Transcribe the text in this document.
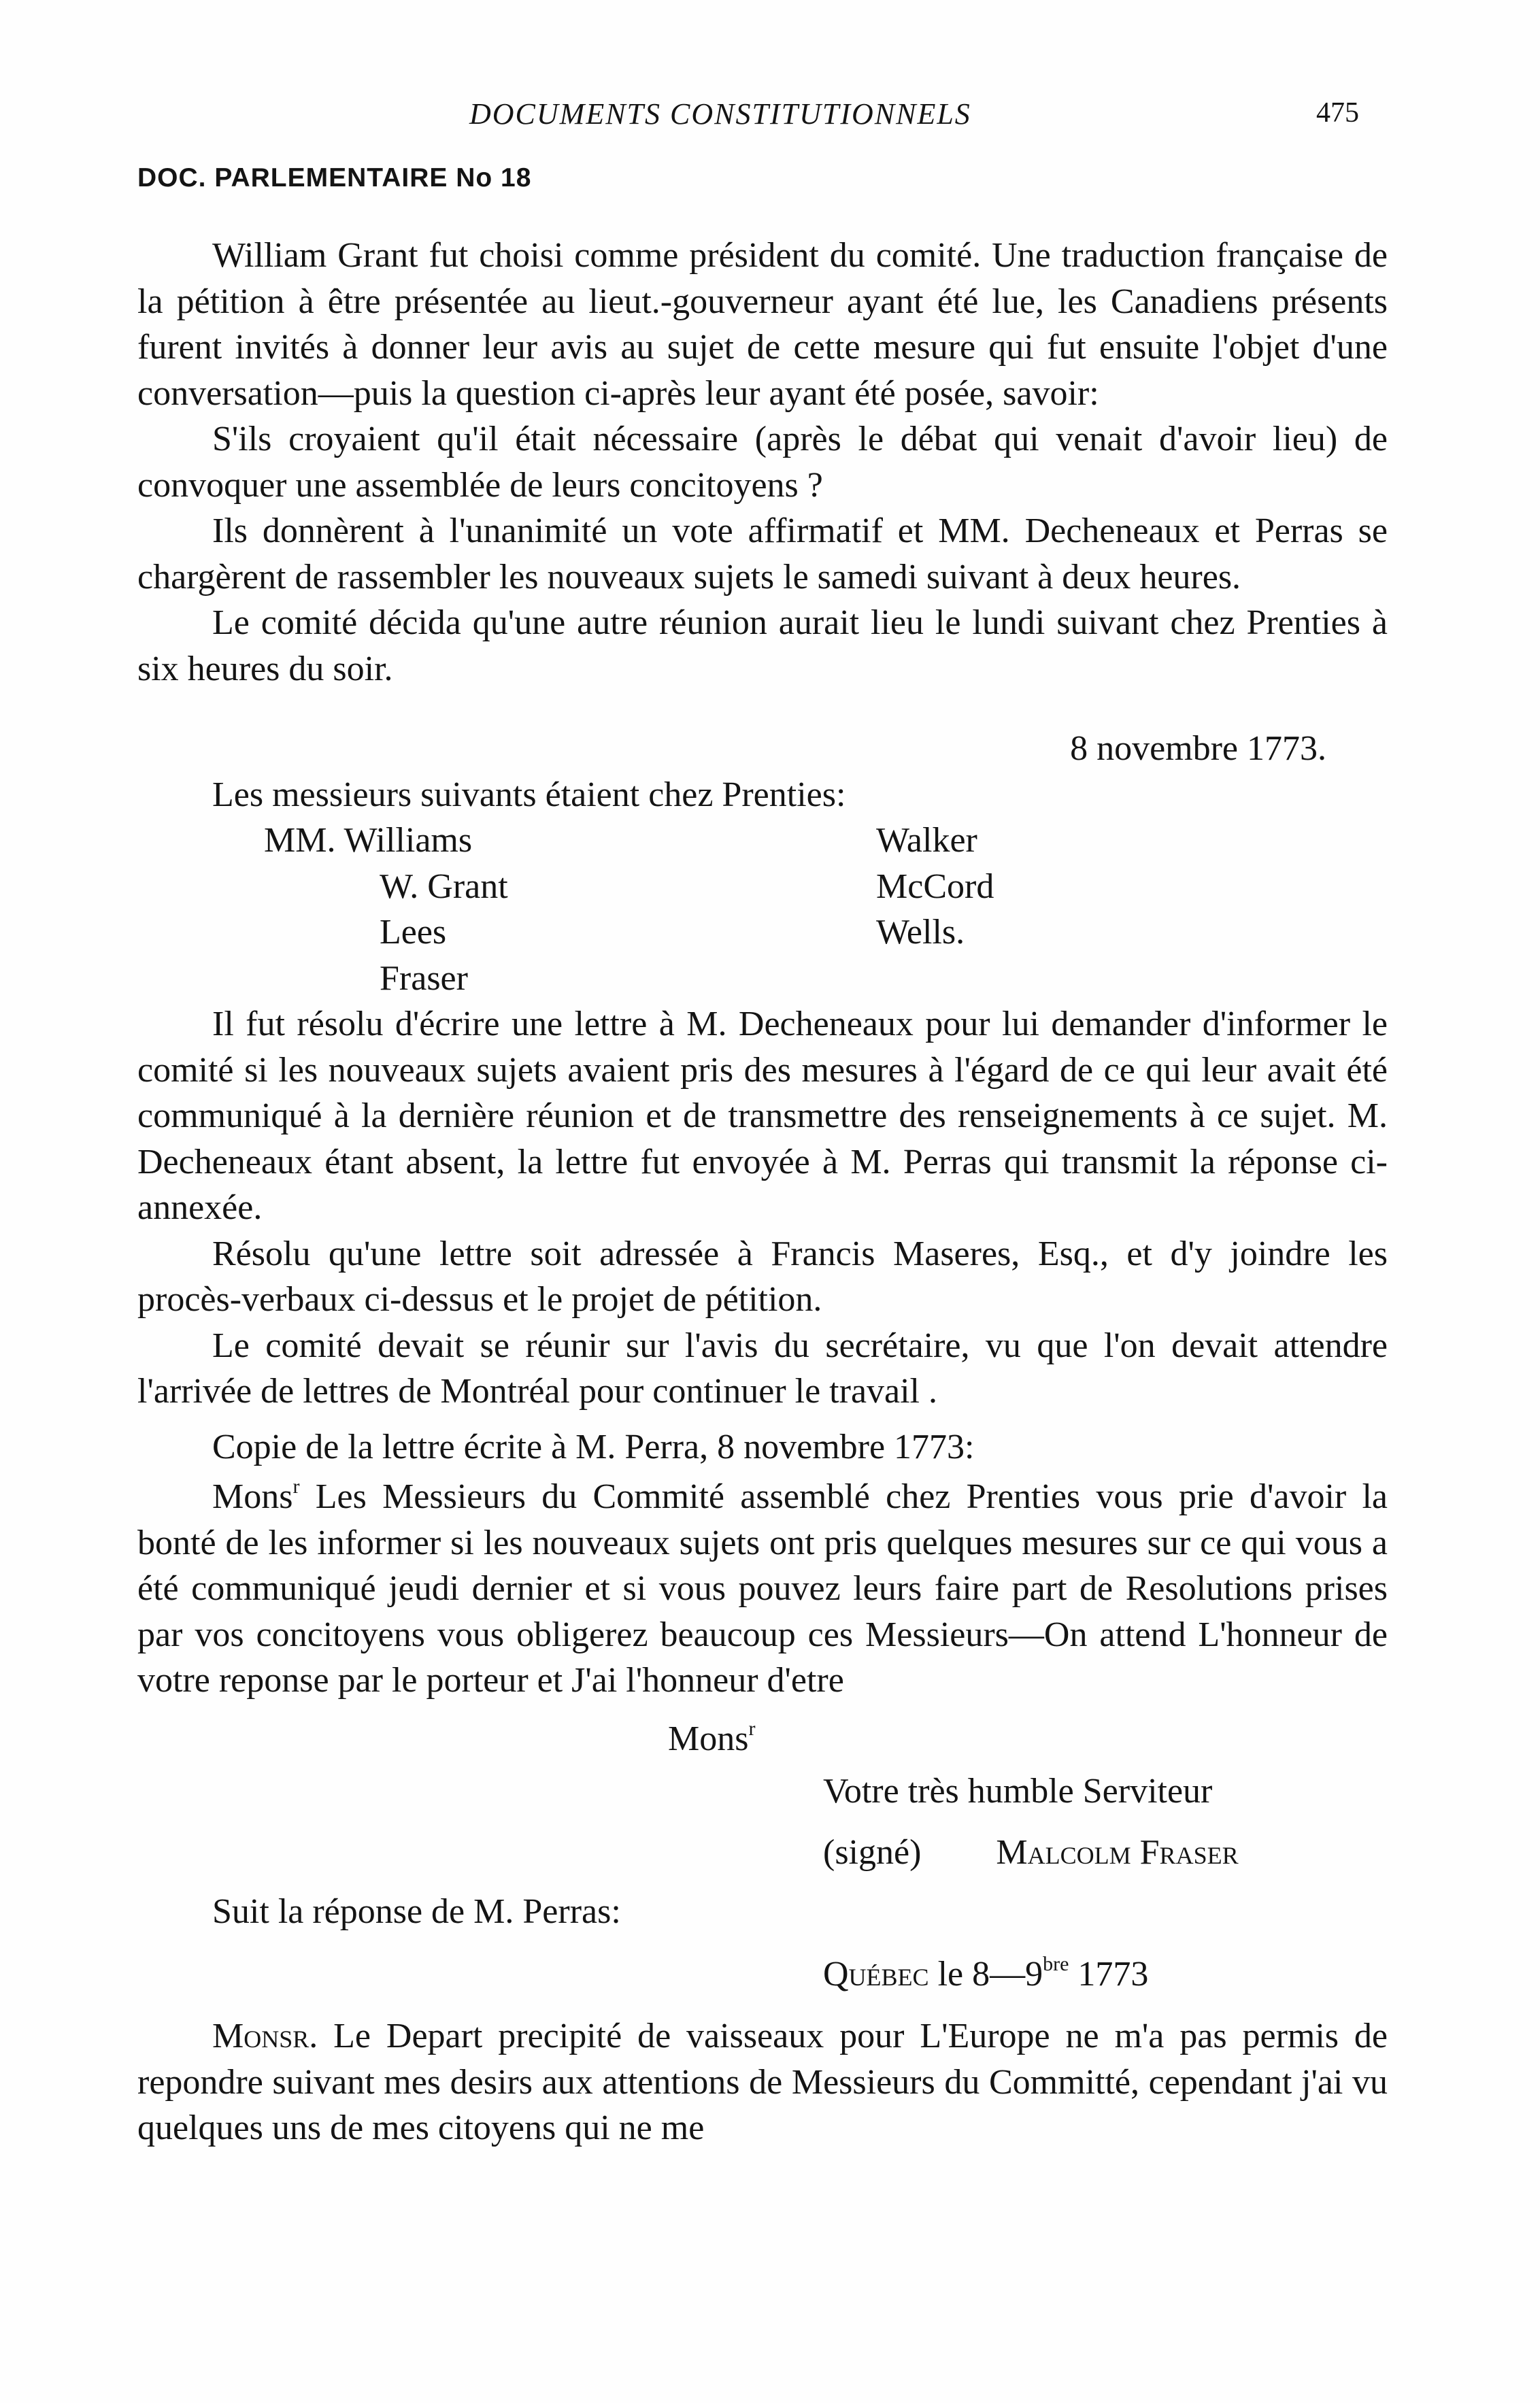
DOCUMENTS CONSTITUTIONNELS	475
DOC. PARLEMENTAIRE No 18

William Grant fut choisi comme président du comité. Une traduction française de la pétition à être présentée au lieut.-gouverneur ayant été lue, les Canadiens présents furent invités à donner leur avis au sujet de cette mesure qui fut ensuite l'objet d'une conversation—puis la question ci-après leur ayant été posée, savoir:

S'ils croyaient qu'il était nécessaire (après le débat qui venait d'avoir lieu) de convoquer une assemblée de leurs concitoyens ?

Ils donnèrent à l'unanimité un vote affirmatif et MM. Decheneaux et Perras se chargèrent de rassembler les nouveaux sujets le samedi suivant à deux heures.

Le comité décida qu'une autre réunion aurait lieu le lundi suivant chez Prenties à six heures du soir.

8 novembre 1773.

Les messieurs suivants étaient chez Prenties:

MM. Williams	Walker
W. Grant	McCord
Lees	Wells.
Fraser

Il fut résolu d'écrire une lettre à M. Decheneaux pour lui demander d'informer le comité si les nouveaux sujets avaient pris des mesures à l'égard de ce qui leur avait été communiqué à la dernière réunion et de transmettre des renseignements à ce sujet. M. Decheneaux étant absent, la lettre fut envoyée à M. Perras qui transmit la réponse ci-annexée.

Résolu qu'une lettre soit adressée à Francis Maseres, Esq., et d'y joindre les procès-verbaux ci-dessus et le projet de pétition.

Le comité devait se réunir sur l'avis du secrétaire, vu que l'on devait attendre l'arrivée de lettres de Montréal pour continuer le travail .

Copie de la lettre écrite à M. Perra, 8 novembre 1773:

Mons$^r$ Les Messieurs du Commité assemblé chez Prenties vous prie d'avoir la bonté de les informer si les nouveaux sujets ont pris quelques mesures sur ce qui vous a été communiqué jeudi dernier et si vous pouvez leurs faire part de Resolutions prises par vos concitoyens vous obligerez beaucoup ces Messieurs—On attend L'honneur de votre reponse par le porteur et J'ai l'honneur d'etre

Mons$^r$
Votre très humble Serviteur
(signé) Malcolm Fraser

Suit la réponse de M. Perras:

Québec le $8—9^{bre}$ 1773

Monsr. Le Depart precipité de vaisseaux pour L'Europe ne m'a pas permis de repondre suivant mes desirs aux attentions de Messieurs du Committé, cependant j'ai vu quelques uns de mes citoyens qui ne me
